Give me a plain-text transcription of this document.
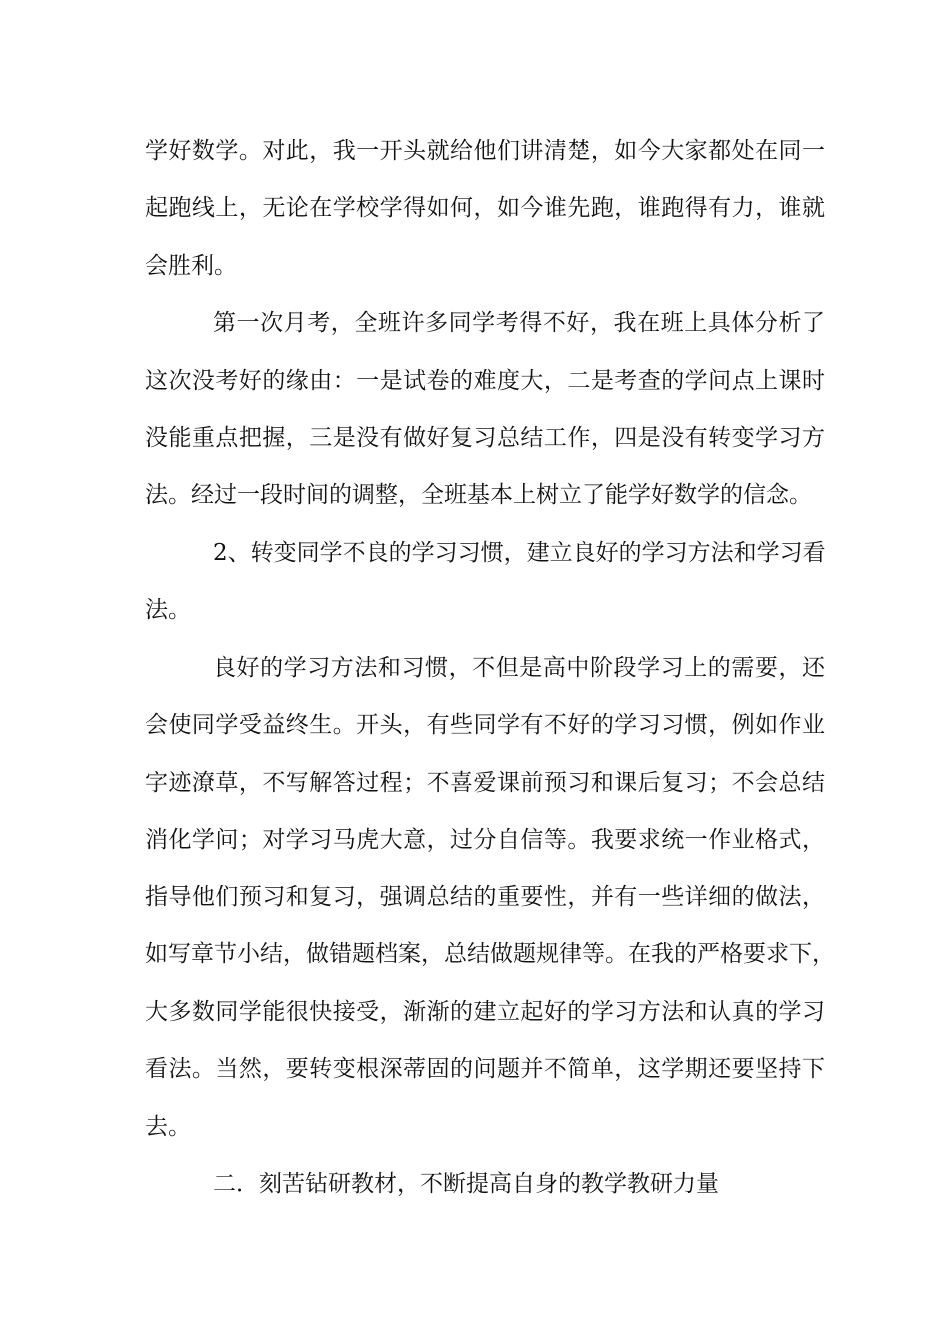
学好数学。对此，我一开头就给他们讲清楚，如今大家都处在同一
起跑线上，无论在学校学得如何，如今谁先跑，谁跑得有力，谁就
会胜利。
第一次月考，全班许多同学考得不好，我在班上具体分析了
这次没考好的缘由：一是试卷的难度大，二是考查的学问点上课时
没能重点把握，三是没有做好复习总结工作，四是没有转变学习方
法。经过一段时间的调整，全班基本上树立了能学好数学的信念。
2、转变同学不良的学习习惯，建立良好的学习方法和学习看
法。
良好的学习方法和习惯，不但是高中阶段学习上的需要，还
会使同学受益终生。开头，有些同学有不好的学习习惯，例如作业
字迹潦草，不写解答过程；不喜爱课前预习和课后复习；不会总结
消化学问；对学习马虎大意，过分自信等。我要求统一作业格式，
指导他们预习和复习，强调总结的重要性，并有一些详细的做法，
如写章节小结，做错题档案，总结做题规律等。在我的严格要求下，
大多数同学能很快接受，渐渐的建立起好的学习方法和认真的学习
看法。当然，要转变根深蒂固的问题并不简单，这学期还要坚持下
去。
二．刻苦钻研教材，不断提高自身的教学教研力量
